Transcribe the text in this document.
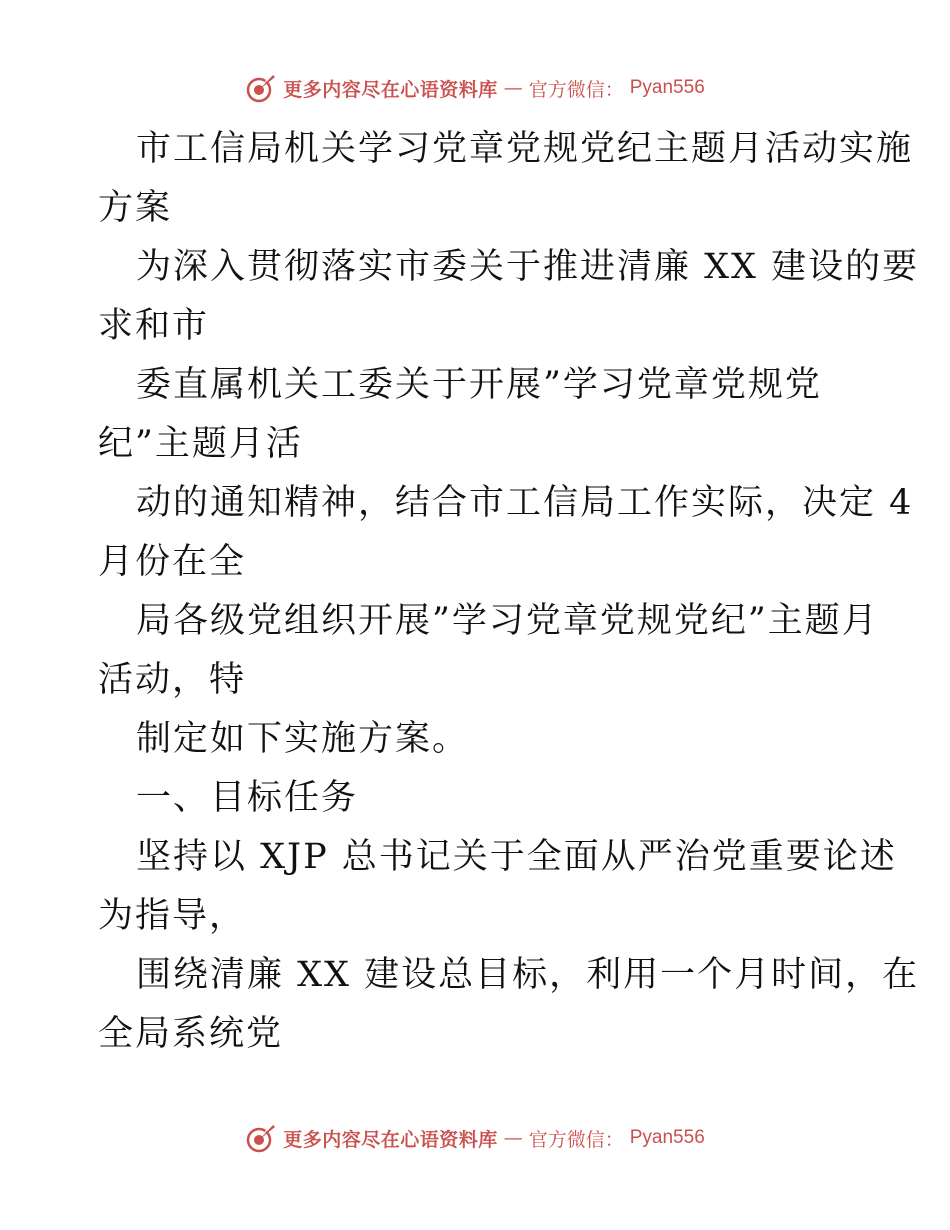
更多内容尽在心语资料库 — 官方微信： Pyan556
市工信局机关学习党章党规党纪主题月活动实施
方案
为深入贯彻落实市委关于推进清廉 XX 建设的要
求和市
委直属机关工委关于开展”学习党章党规党
纪”主题月活
动的通知精神，结合市工信局工作实际，决定 4
月份在全
局各级党组织开展”学习党章党规党纪”主题月
活动，特
制定如下实施方案。
一、目标任务
坚持以 XJP 总书记关于全面从严治党重要论述
为指导，
围绕清廉 XX 建设总目标，利用一个月时间，在
全局系统党
更多内容尽在心语资料库 — 官方微信： Pyan556
